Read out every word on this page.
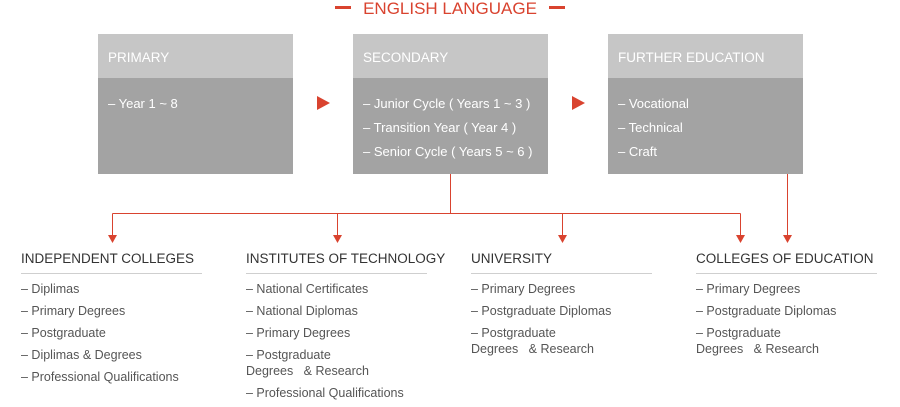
ENGLISH LANGUAGE
PRIMARY
– Year 1 ~ 8
SECONDARY
– Junior Cycle ( Years 1 ~ 3 )
– Transition Year ( Year 4 )
– Senior Cycle ( Years 5 ~ 6 )
FURTHER EDUCATION
– Vocational
– Technical
– Craft
INDEPENDENT COLLEGES
– Diplimas
– Primary Degrees
– Postgraduate
– Diplimas & Degrees
– Professional Qualifications
INSTITUTES OF TECHNOLOGY
– National Certificates
– National Diplomas
– Primary Degrees
– Postgraduate Degrees   & Research
– Professional Qualifications
UNIVERSITY
– Primary Degrees
– Postgraduate Diplomas
– Postgraduate Degrees   & Research
COLLEGES OF EDUCATION
– Primary Degrees
– Postgraduate Diplomas
– Postgraduate Degrees   & Research
